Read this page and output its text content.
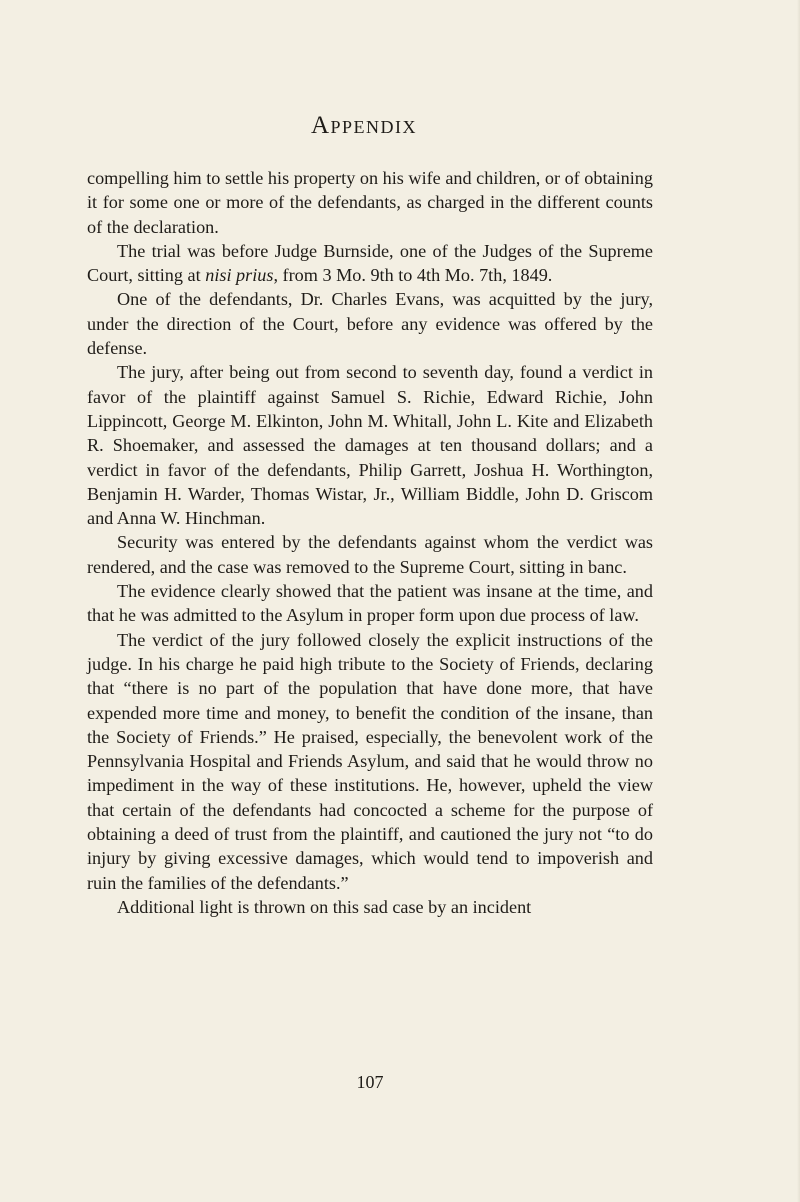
Appendix

compelling him to settle his property on his wife and children, or of obtaining it for some one or more of the defendants, as charged in the different counts of the declaration.

The trial was before Judge Burnside, one of the Judges of the Supreme Court, sitting at nisi prius, from 3 Mo. 9th to 4th Mo. 7th, 1849.

One of the defendants, Dr. Charles Evans, was acquitted by the jury, under the direction of the Court, before any evidence was offered by the defense.

The jury, after being out from second to seventh day, found a verdict in favor of the plaintiff against Samuel S. Richie, Edward Richie, John Lippincott, George M. Elkinton, John M. Whitall, John L. Kite and Elizabeth R. Shoemaker, and assessed the damages at ten thousand dollars; and a verdict in favor of the defendants, Philip Garrett, Joshua H. Worthington, Benjamin H. Warder, Thomas Wistar, Jr., William Biddle, John D. Griscom and Anna W. Hinchman.

Security was entered by the defendants against whom the verdict was rendered, and the case was removed to the Supreme Court, sitting in banc.

The evidence clearly showed that the patient was insane at the time, and that he was admitted to the Asylum in proper form upon due process of law.

The verdict of the jury followed closely the explicit instructions of the judge. In his charge he paid high tribute to the Society of Friends, declaring that “there is no part of the population that have done more, that have expended more time and money, to benefit the condition of the insane, than the Society of Friends.” He praised, especially, the benevolent work of the Pennsylvania Hospital and Friends Asylum, and said that he would throw no impediment in the way of these institutions. He, however, upheld the view that certain of the defendants had concocted a scheme for the purpose of obtaining a deed of trust from the plaintiff, and cautioned the jury not “to do injury by giving excessive damages, which would tend to impoverish and ruin the families of the defendants.”

Additional light is thrown on this sad case by an incident

107
